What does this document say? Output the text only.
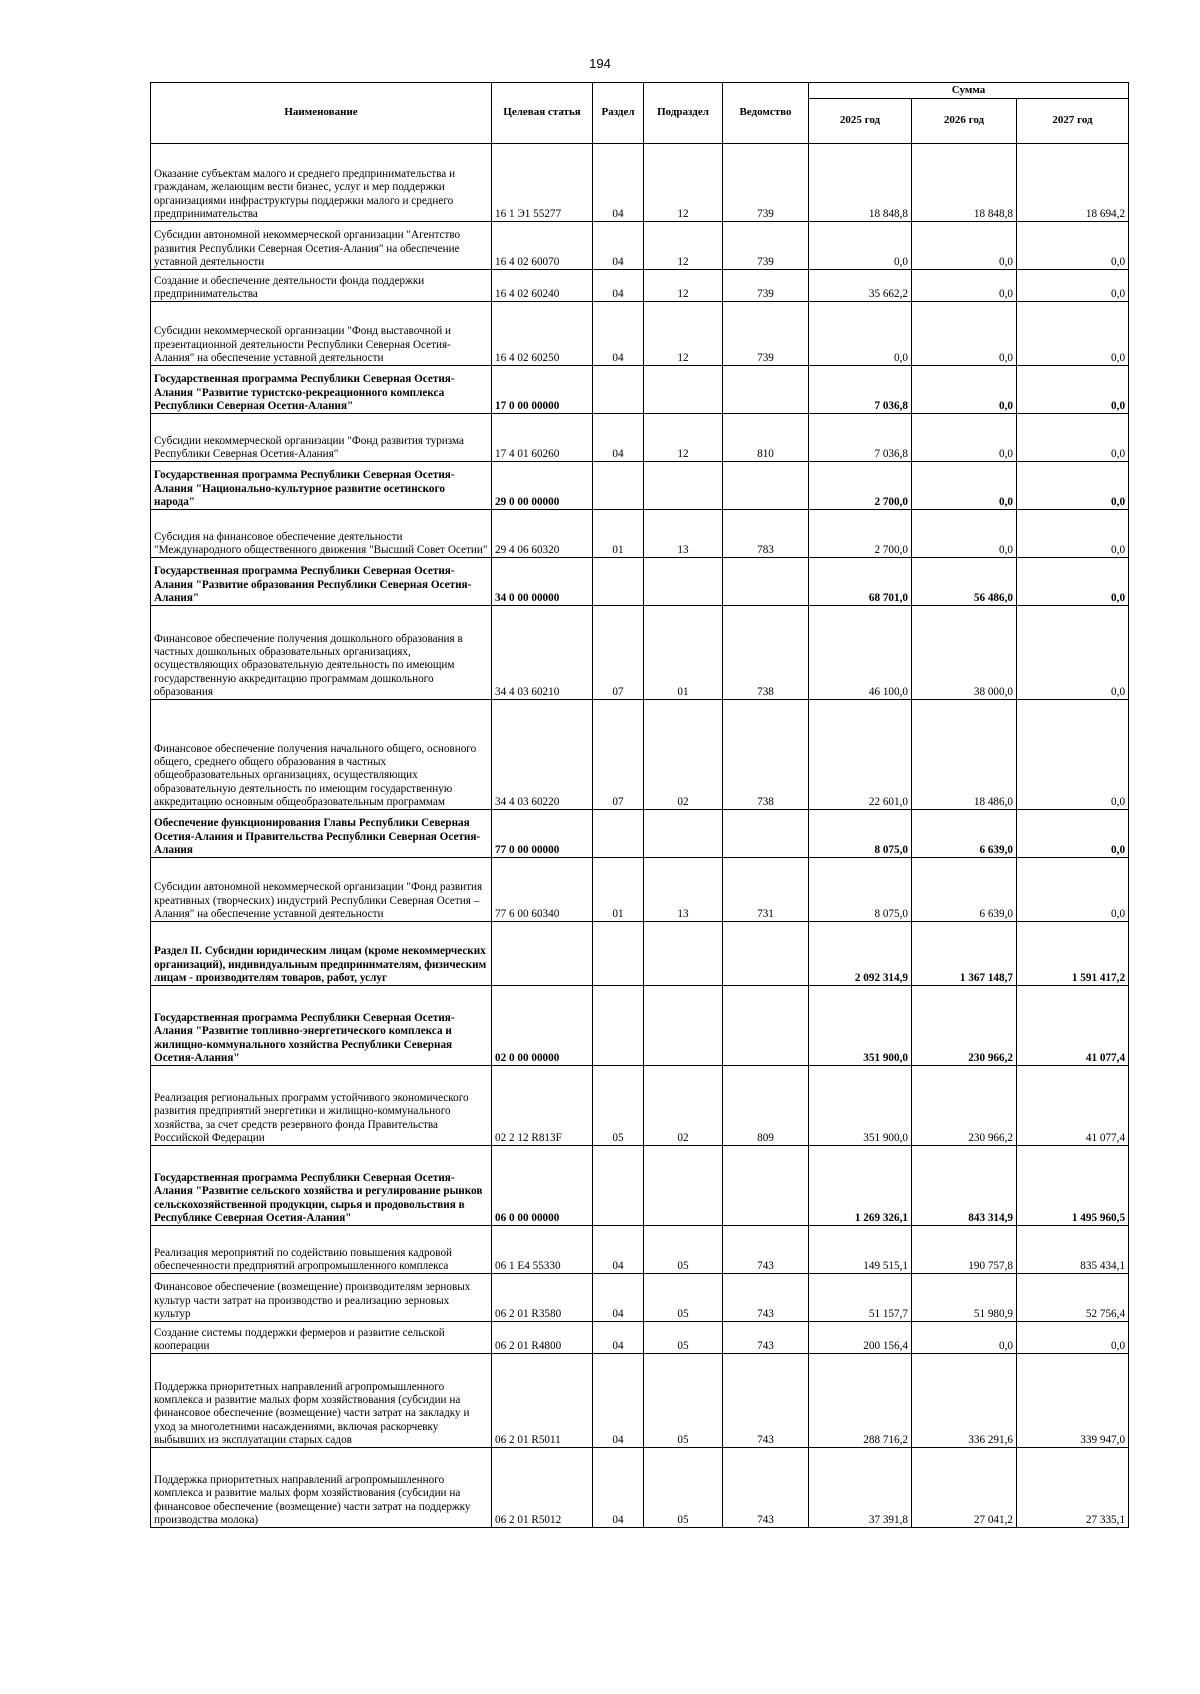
194
Наименование	Целевая статья	Раздел	Подраздел	Ведомство	Сумма		
					2025 год	2026 год	2027 год
Оказание субъектам малого и среднего предпринимательства и гражданам, желающим вести бизнес, услуг и мер поддержки организациями инфраструктуры поддержки малого и среднего предпринимательства	16 1 Э1 55277	04	12	739	18 848,8	18 848,8	18 694,2
Субсидии автономной некоммерческой организации "Агентство развития Республики Северная Осетия-Алания" на обеспечение уставной деятельности	16 4 02 60070	04	12	739	0,0	0,0	0,0
Создание и обеспечение деятельности фонда поддержки предпринимательства	16 4 02 60240	04	12	739	35 662,2	0,0	0,0
Субсидии некоммерческой организации "Фонд выставочной и презентационной деятельности Республики Северная Осетия-Алания" на обеспечение уставной деятельности	16 4 02 60250	04	12	739	0,0	0,0	0,0
Государственная программа Республики Северная Осетия-Алания "Развитие туристско-рекреационного комплекса Республики Северная Осетия-Алания"	17 0 00 00000				7 036,8	0,0	0,0
Субсидии некоммерческой организации "Фонд развития туризма Республики Северная Осетия-Алания"	17 4 01 60260	04	12	810	7 036,8	0,0	0,0
Государственная программа Республики Северная Осетия-Алания "Национально-культурное развитие осетинского народа"	29 0 00 00000				2 700,0	0,0	0,0
Субсидия на финансовое обеспечение деятельности "Международного общественного движения "Высший Совет Осетии"	29 4 06 60320	01	13	783	2 700,0	0,0	0,0
Государственная программа Республики Северная Осетия-Алания "Развитие образования Республики Северная Осетия-Алания"	34 0 00 00000				68 701,0	56 486,0	0,0
Финансовое обеспечение получения дошкольного образования в частных дошкольных образовательных организациях, осуществляющих образовательную деятельность по имеющим государственную аккредитацию программам дошкольного образования	34 4 03 60210	07	01	738	46 100,0	38 000,0	0,0
Финансовое обеспечение получения начального общего, основного общего, среднего общего образования в частных общеобразовательных организациях, осуществляющих образовательную деятельность по имеющим государственную аккредитацию основным общеобразовательным программам	34 4 03 60220	07	02	738	22 601,0	18 486,0	0,0
Обеспечение функционирования Главы Республики Северная Осетия-Алания и Правительства Республики Северная Осетия-Алания	77 0 00 00000				8 075,0	6 639,0	0,0
Субсидии автономной некоммерческой организации "Фонд развития креативных (творческих) индустрий Республики Северная Осетия – Алания" на обеспечение уставной деятельности	77 6 00 60340	01	13	731	8 075,0	6 639,0	0,0
Раздел II. Субсидии юридическим лицам (кроме некоммерческих организаций), индивидуальным предпринимателям, физическим лицам - производителям товаров, работ, услуг					2 092 314,9	1 367 148,7	1 591 417,2
Государственная программа Республики Северная Осетия-Алания "Развитие топливно-энергетического комплекса и жилищно-коммунального хозяйства Республики Северная Осетия-Алания"	02 0 00 00000				351 900,0	230 966,2	41 077,4
Реализация региональных программ устойчивого экономического развития предприятий энергетики и жилищно-коммунального хозяйства, за счет средств резервного фонда Правительства Российской Федерации	02 2 12 R813F	05	02	809	351 900,0	230 966,2	41 077,4
Государственная программа Республики Северная Осетия-Алания "Развитие сельского хозяйства и регулирование рынков сельскохозяйственной продукции, сырья и продовольствия в Республике Северная Осетия-Алания"	06 0 00 00000				1 269 326,1	843 314,9	1 495 960,5
Реализация мероприятий по содействию повышения кадровой обеспеченности предприятий агропромышленного комплекса	06 1 E4 55330	04	05	743	149 515,1	190 757,8	835 434,1
Финансовое обеспечение (возмещение) производителям зерновых культур части затрат на производство и реализацию зерновых культур	06 2 01 R3580	04	05	743	51 157,7	51 980,9	52 756,4
Создание системы поддержки фермеров и развитие сельской кооперации	06 2 01 R4800	04	05	743	200 156,4	0,0	0,0
Поддержка приоритетных направлений агропромышленного комплекса и развитие малых форм хозяйствования (субсидии на финансовое обеспечение (возмещение) части затрат на закладку и уход за многолетними насаждениями, включая раскорчевку выбывших из эксплуатации старых садов	06 2 01 R5011	04	05	743	288 716,2	336 291,6	339 947,0
Поддержка приоритетных направлений агропромышленного комплекса и развитие малых форм хозяйствования (субсидии на финансовое обеспечение (возмещение) части затрат на поддержку производства молока)	06 2 01 R5012	04	05	743	37 391,8	27 041,2	27 335,1
